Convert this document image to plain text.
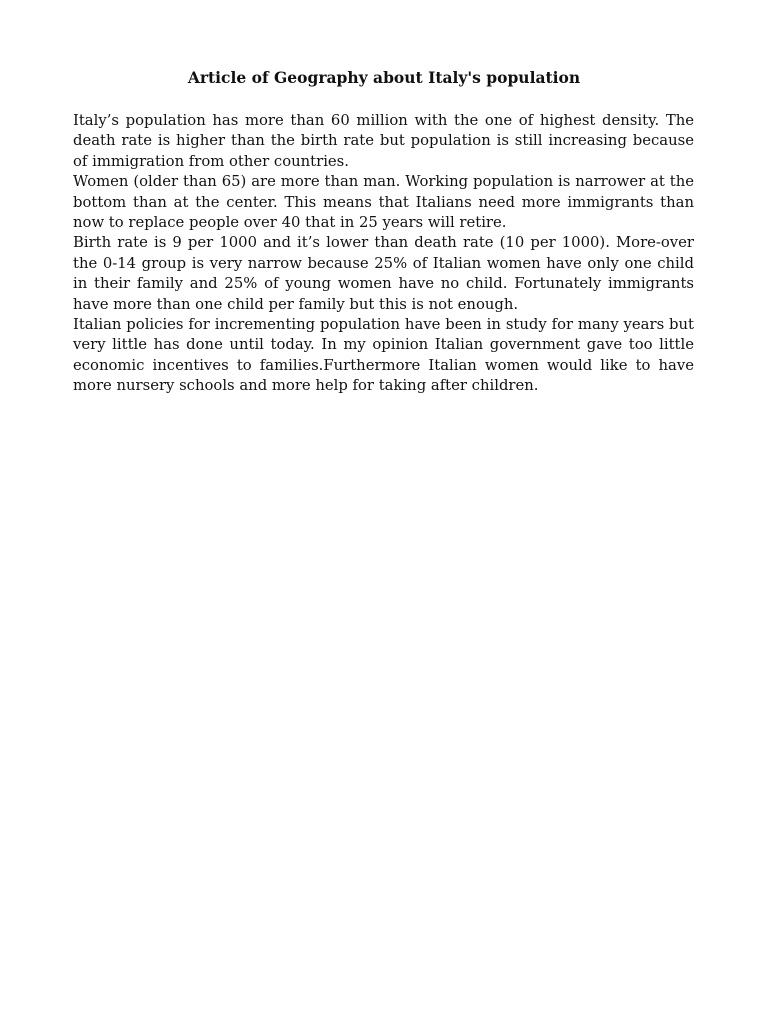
Article of Geography about Italy's population

Italy’s population has more than 60 million with the one of highest density. The death rate is higher than the birth rate but population is still increasing because of immigration from other countries.

Women (older than 65) are more than man. Working population is narrower at the bottom than at the center. This means that Italians need more immigrants than now to replace people over 40 that in 25 years will retire.

Birth rate is 9 per 1000 and it’s lower than death rate (10 per 1000). More-over the 0-14 group is very narrow because 25% of Italian women have only one child in their family and 25% of young women have no child. Fortunately immigrants have more than one child per family but this is not enough.

Italian policies for incrementing population have been in study for many years but very little has done until today. In my opinion Italian government gave too little economic incentives to families.Furthermore Italian women would like to have more nursery schools and more help for taking after children.
